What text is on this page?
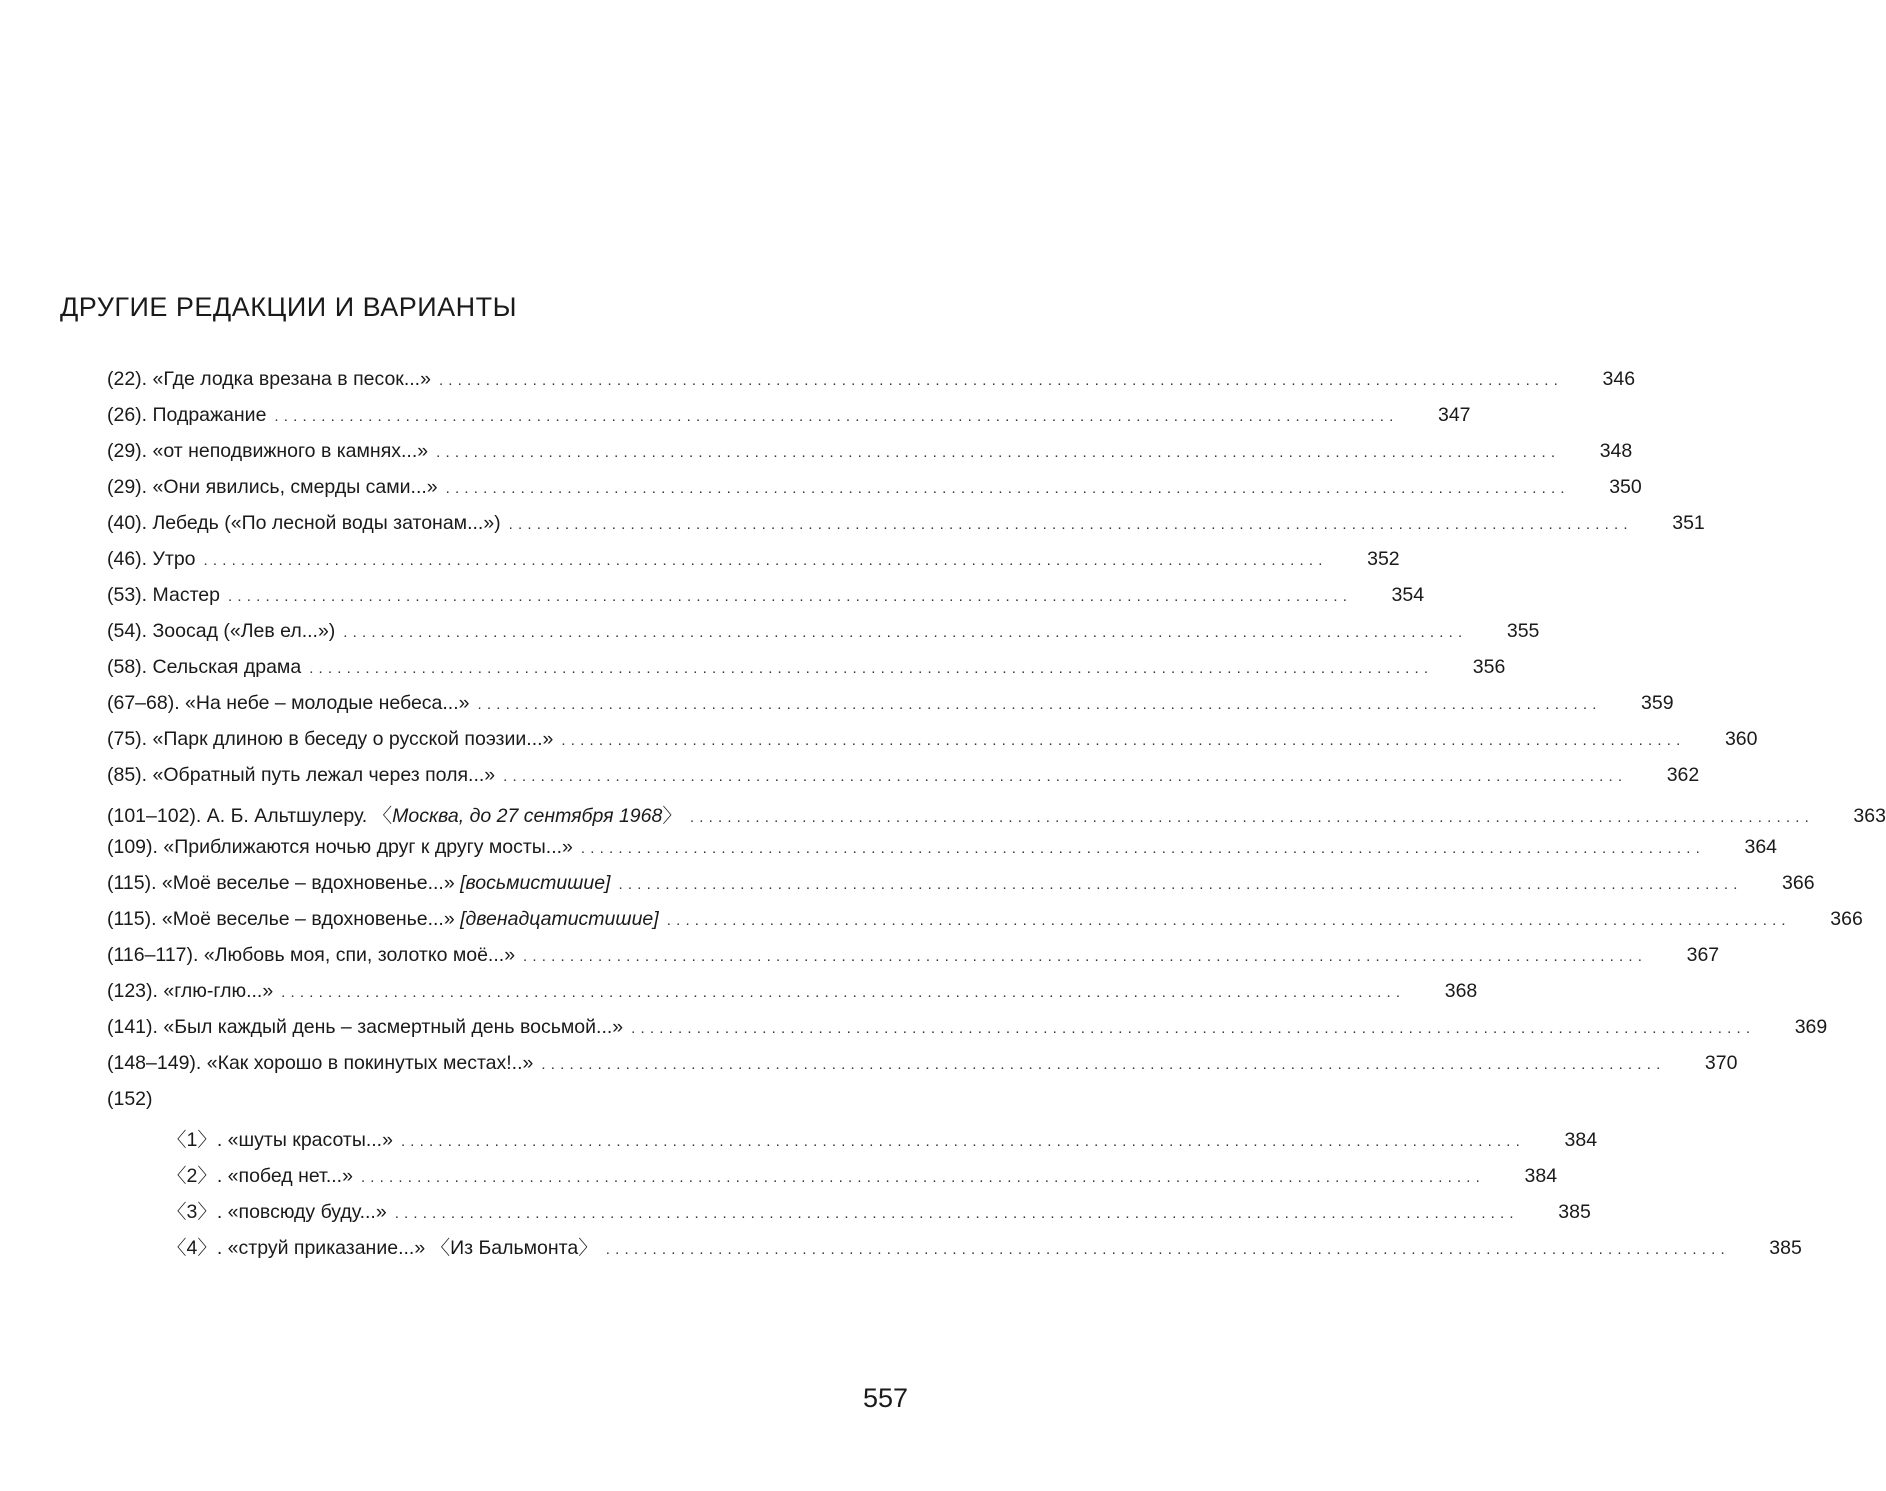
ДРУГИЕ РЕДАКЦИИ И ВАРИАНТЫ
(22). «Где лодка врезана в песок...» ........................................................................................................................	346
(26). Подражание ........................................................................................................................	347
(29). «от неподвижного в камнях...» ........................................................................................................................	348
(29). «Они явились, смерды сами...» ........................................................................................................................	350
(40). Лебедь («По лесной воды затонам...») ........................................................................................................................	351
(46). Утро ........................................................................................................................	352
(53). Мастер ........................................................................................................................	354
(54). Зоосад («Лев ел...») ........................................................................................................................	355
(58). Сельская драма ........................................................................................................................	356
(67–68). «На небе – молодые небеса...» ........................................................................................................................	359
(75). «Парк длиною в беседу о русской поэзии...» ........................................................................................................................	360
(85). «Обратный путь лежал через поля...» ........................................................................................................................	362
(101–102). А. Б. Альтшулеру. 〈Москва, до 27 сентября 1968〉 ........................................................................................................................	363
(109). «Приближаются ночью друг к другу мосты...» ........................................................................................................................	364
(115). «Моё веселье – вдохновенье...» [восьмистишие] ........................................................................................................................	366
(115). «Моё веселье – вдохновенье...» [двенадцатистишие] ........................................................................................................................	366
(116–117). «Любовь моя, спи, золотко моё...» ........................................................................................................................	367
(123). «глю-глю...» ........................................................................................................................	368
(141). «Был каждый день – засмертный день восьмой...» ........................................................................................................................	369
(148–149). «Как хорошо в покинутых местах!..» ........................................................................................................................	370
(152)
〈1〉. «шуты красоты...» ........................................................................................................................	384
〈2〉. «побед нет...» ........................................................................................................................	384
〈3〉. «повсюду буду...» ........................................................................................................................	385
〈4〉. «струй приказание...» 〈Из Бальмонта〉 ........................................................................................................................	385
557
